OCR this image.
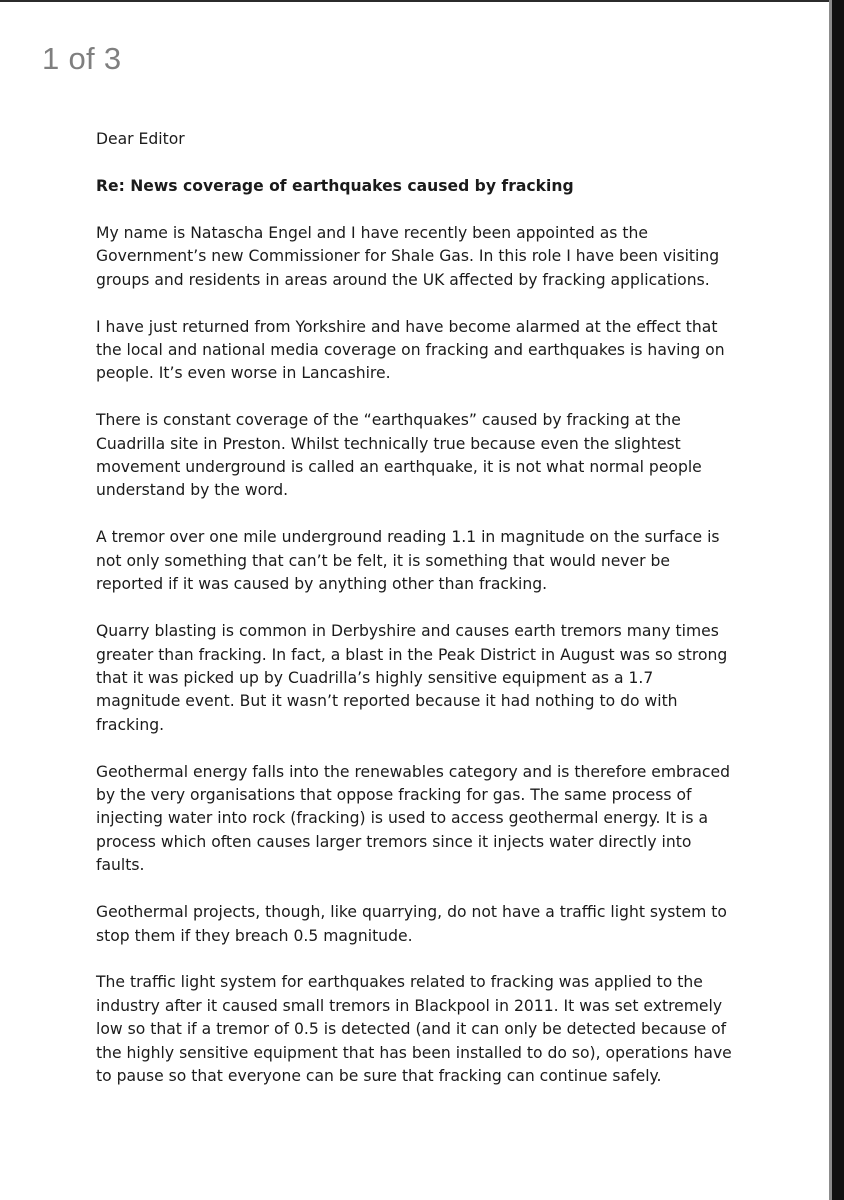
1 of 3

Dear Editor

Re: News coverage of earthquakes caused by fracking

My name is Natascha Engel and I have recently been appointed as the Government’s new Commissioner for Shale Gas. In this role I have been visiting groups and residents in areas around the UK affected by fracking applications.

I have just returned from Yorkshire and have become alarmed at the effect that the local and national media coverage on fracking and earthquakes is having on people. It’s even worse in Lancashire.

There is constant coverage of the “earthquakes” caused by fracking at the Cuadrilla site in Preston. Whilst technically true because even the slightest movement underground is called an earthquake, it is not what normal people understand by the word.

A tremor over one mile underground reading 1.1 in magnitude on the surface is not only something that can’t be felt, it is something that would never be reported if it was caused by anything other than fracking.

Quarry blasting is common in Derbyshire and causes earth tremors many times greater than fracking. In fact, a blast in the Peak District in August was so strong that it was picked up by Cuadrilla’s highly sensitive equipment as a 1.7 magnitude event. But it wasn’t reported because it had nothing to do with fracking.

Geothermal energy falls into the renewables category and is therefore embraced by the very organisations that oppose fracking for gas. The same process of injecting water into rock (fracking) is used to access geothermal energy. It is a process which often causes larger tremors since it injects water directly into faults.

Geothermal projects, though, like quarrying, do not have a traffic light system to stop them if they breach 0.5 magnitude.

The traffic light system for earthquakes related to fracking was applied to the industry after it caused small tremors in Blackpool in 2011. It was set extremely low so that if a tremor of 0.5 is detected (and it can only be detected because of the highly sensitive equipment that has been installed to do so), operations have to pause so that everyone can be sure that fracking can continue safely.
